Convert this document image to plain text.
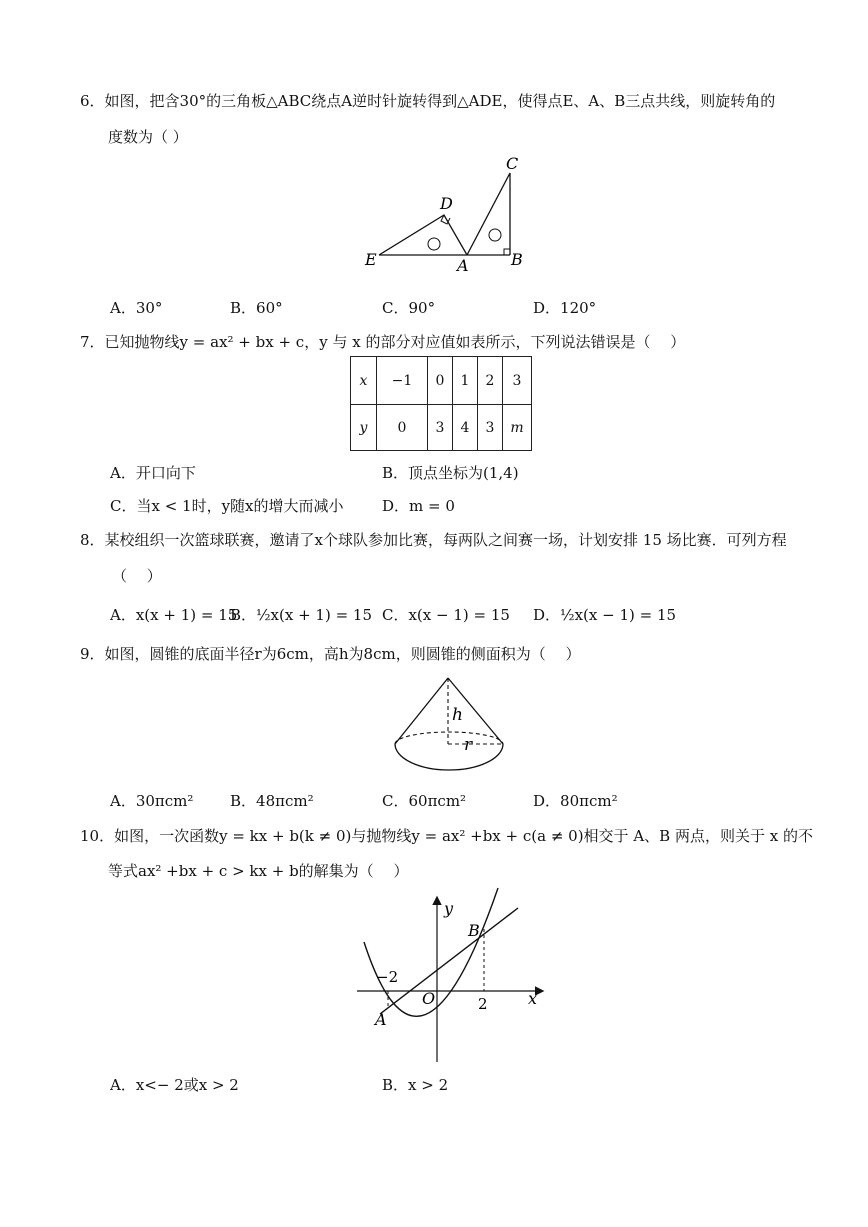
6．如图，把含30°的三角板△ABC绕点A逆时针旋转得到△ADE，使得点E、A、B三点共线，则旋转角的
度数为（ ）
C
D
E	A	B
A．30°	B．60°	C．90°	D．120°
7．已知抛物线y = ax² + bx + c，y 与 x 的部分对应值如表所示，下列说法错误是（　 ）
x	−1	0	1	2	3
y	0	3	4	3	m
A．开口向下	B．顶点坐标为(1,4)
C．当x < 1时，y随x的增大而减小	D．m = 0
8．某校组织一次篮球联赛，邀请了x个球队参加比赛，每两队之间赛一场，计划安排 15 场比赛．可列方程
（　 ）
A．x(x + 1) = 15
B．½x(x + 1) = 15 C．x(x − 1) = 15 D．½x(x − 1) = 15
9．如图，圆锥的底面半径r为6cm，高h为8cm，则圆锥的侧面积为（　 ）
h
r
A．30πcm² B．48πcm²	C．60πcm²	D．80πcm²
10．如图，一次函数y = kx + b(k ≠ 0)与抛物线y = ax² +bx + c(a ≠ 0)相交于 A、B 两点，则关于 x 的不
等式ax² +bx + c > kx + b的解集为（　 ）
y
x
O
A
B
−2
2
A．x<− 2或x > 2	B．x > 2
